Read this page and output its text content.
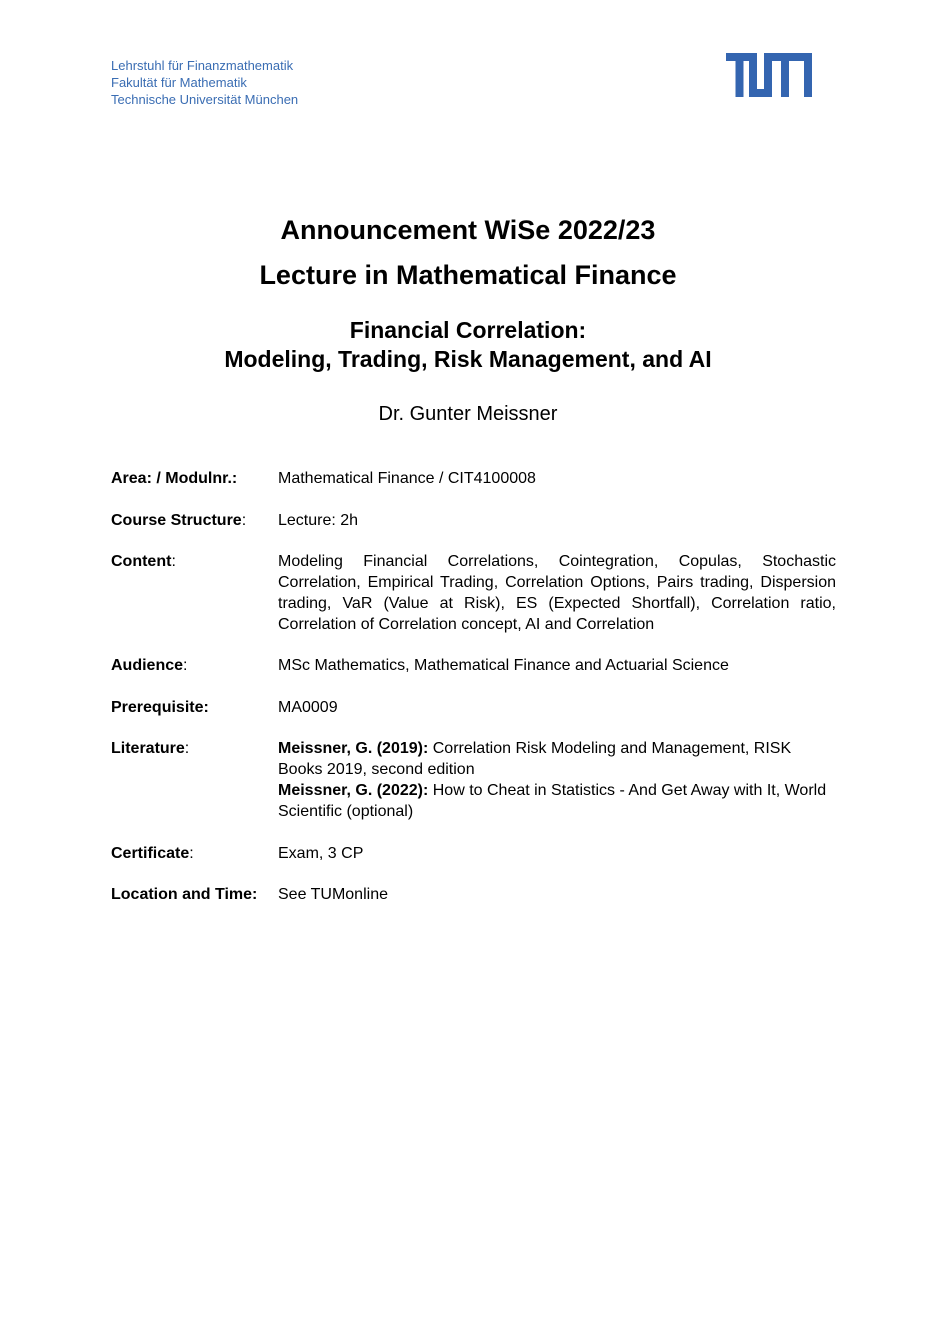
Lehrstuhl für Finanzmathematik
Fakultät für Mathematik
Technische Universität München
Announcement WiSe 2022/23
Lecture in Mathematical Finance
Financial Correlation:
Modeling, Trading, Risk Management, and AI
Dr. Gunter Meissner
Area: / Modulnr.:	Mathematical Finance / CIT4100008
Course Structure:	Lecture: 2h
Content:	Modeling Financial Correlations, Cointegration, Copulas, Stochastic Correlation, Empirical Trading, Correlation Options, Pairs trading, Dispersion trading, VaR (Value at Risk), ES (Expected Shortfall), Correlation ratio, Correlation of Correlation concept, AI and Correlation
Audience:	MSc Mathematics, Mathematical Finance and Actuarial Science
Prerequisite:	MA0009
Literature:	Meissner, G. (2019): Correlation Risk Modeling and Management, RISK Books 2019, second edition
Meissner, G. (2022): How to Cheat in Statistics - And Get Away with It, World Scientific (optional)
Certificate:	Exam, 3 CP
Location and Time:	See TUMonline
